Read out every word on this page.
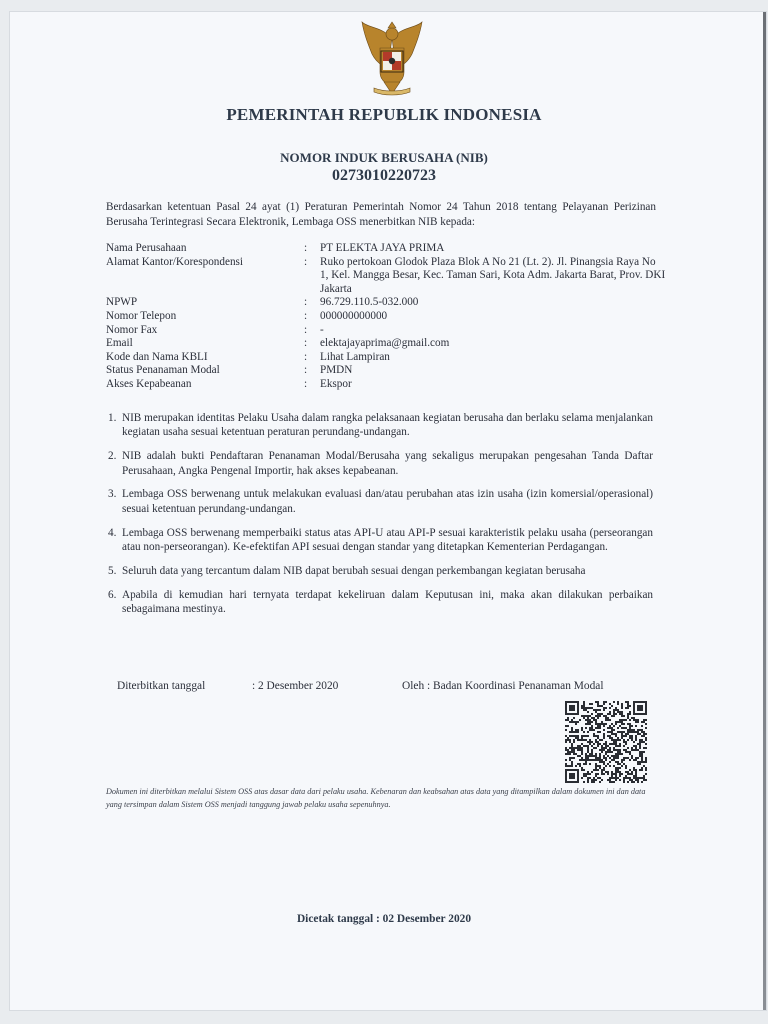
PEMERINTAH REPUBLIK INDONESIA
NOMOR INDUK BERUSAHA (NIB)
0273010220723
Berdasarkan ketentuan Pasal 24 ayat (1) Peraturan Pemerintah Nomor 24 Tahun 2018 tentang Pelayanan Perizinan Berusaha Terintegrasi Secara Elektronik, Lembaga OSS menerbitkan NIB kepada:
Nama Perusahaan	:	PT ELEKTA JAYA PRIMA
Alamat Kantor/Korespondensi	:	Ruko pertokoan Glodok Plaza Blok A No 21 (Lt. 2). Jl. Pinangsia Raya No 1, Kel. Mangga Besar, Kec. Taman Sari, Kota Adm. Jakarta Barat, Prov. DKI Jakarta
NPWP	:	96.729.110.5-032.000
Nomor Telepon	:	000000000000
Nomor Fax	:	-
Email	:	elektajayaprima@gmail.com
Kode dan Nama KBLI	:	Lihat Lampiran
Status Penanaman Modal	:	PMDN
Akses Kepabeanan	:	Ekspor
1. NIB merupakan identitas Pelaku Usaha dalam rangka pelaksanaan kegiatan berusaha dan berlaku selama menjalankan kegiatan usaha sesuai ketentuan peraturan perundang-undangan.
2. NIB adalah bukti Pendaftaran Penanaman Modal/Berusaha yang sekaligus merupakan pengesahan Tanda Daftar Perusahaan, Angka Pengenal Importir, hak akses kepabeanan.
3. Lembaga OSS berwenang untuk melakukan evaluasi dan/atau perubahan atas izin usaha (izin komersial/operasional) sesuai ketentuan perundang-undangan.
4. Lembaga OSS berwenang memperbaiki status atas API-U atau API-P sesuai karakteristik pelaku usaha (perseorangan atau non-perseorangan). Ke-efektifan API sesuai dengan standar yang ditetapkan Kementerian Perdagangan.
5. Seluruh data yang tercantum dalam NIB dapat berubah sesuai dengan perkembangan kegiatan berusaha
6. Apabila di kemudian hari ternyata terdapat kekeliruan dalam Keputusan ini, maka akan dilakukan perbaikan sebagaimana mestinya.
Diterbitkan tanggal	: 2 Desember 2020	Oleh : Badan Koordinasi Penanaman Modal
Dokumen ini diterbitkan melalui Sistem OSS atas dasar data dari pelaku usaha. Kebenaran dan keabsahan atas data yang ditampilkan dalam dokumen ini dan data yang tersimpan dalam Sistem OSS menjadi tanggung jawab pelaku usaha sepenuhnya.
Dicetak tanggal : 02 Desember 2020
